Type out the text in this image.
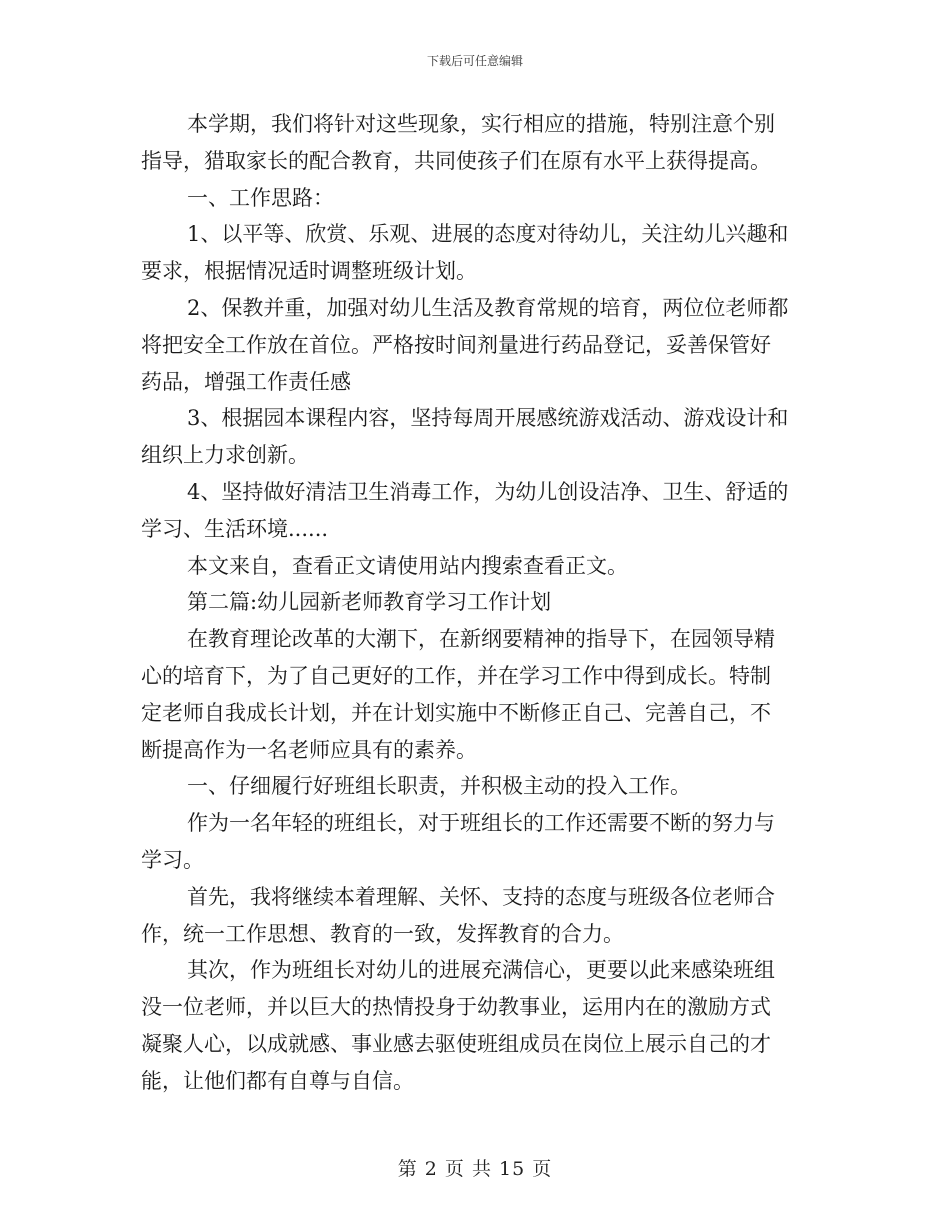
下载后可任意编辑
本学期，我们将针对这些现象，实行相应的措施，特别注意个别
指导，猎取家长的配合教育，共同使孩子们在原有水平上获得提高。
一、工作思路：
1、以平等、欣赏、乐观、进展的态度对待幼儿，关注幼儿兴趣和
要求，根据情况适时调整班级计划。
2、保教并重，加强对幼儿生活及教育常规的培育，两位位老师都
将把安全工作放在首位。严格按时间剂量进行药品登记，妥善保管好
药品，增强工作责任感
3、根据园本课程内容，坚持每周开展感统游戏活动、游戏设计和
组织上力求创新。
4、坚持做好清洁卫生消毒工作，为幼儿创设洁净、卫生、舒适的
学习、生活环境......
本文来自，查看正文请使用站内搜索查看正文。
第二篇:幼儿园新老师教育学习工作计划
在教育理论改革的大潮下，在新纲要精神的指导下，在园领导精
心的培育下，为了自己更好的工作，并在学习工作中得到成长。特制
定老师自我成长计划，并在计划实施中不断修正自己、完善自己，不
断提高作为一名老师应具有的素养。
一、仔细履行好班组长职责，并积极主动的投入工作。
作为一名年轻的班组长，对于班组长的工作还需要不断的努力与
学习。
首先，我将继续本着理解、关怀、支持的态度与班级各位老师合
作，统一工作思想、教育的一致，发挥教育的合力。
其次，作为班组长对幼儿的进展充满信心，更要以此来感染班组
没一位老师，并以巨大的热情投身于幼教事业，运用内在的激励方式
凝聚人心，以成就感、事业感去驱使班组成员在岗位上展示自己的才
能，让他们都有自尊与自信。
第 2 页 共 15 页
